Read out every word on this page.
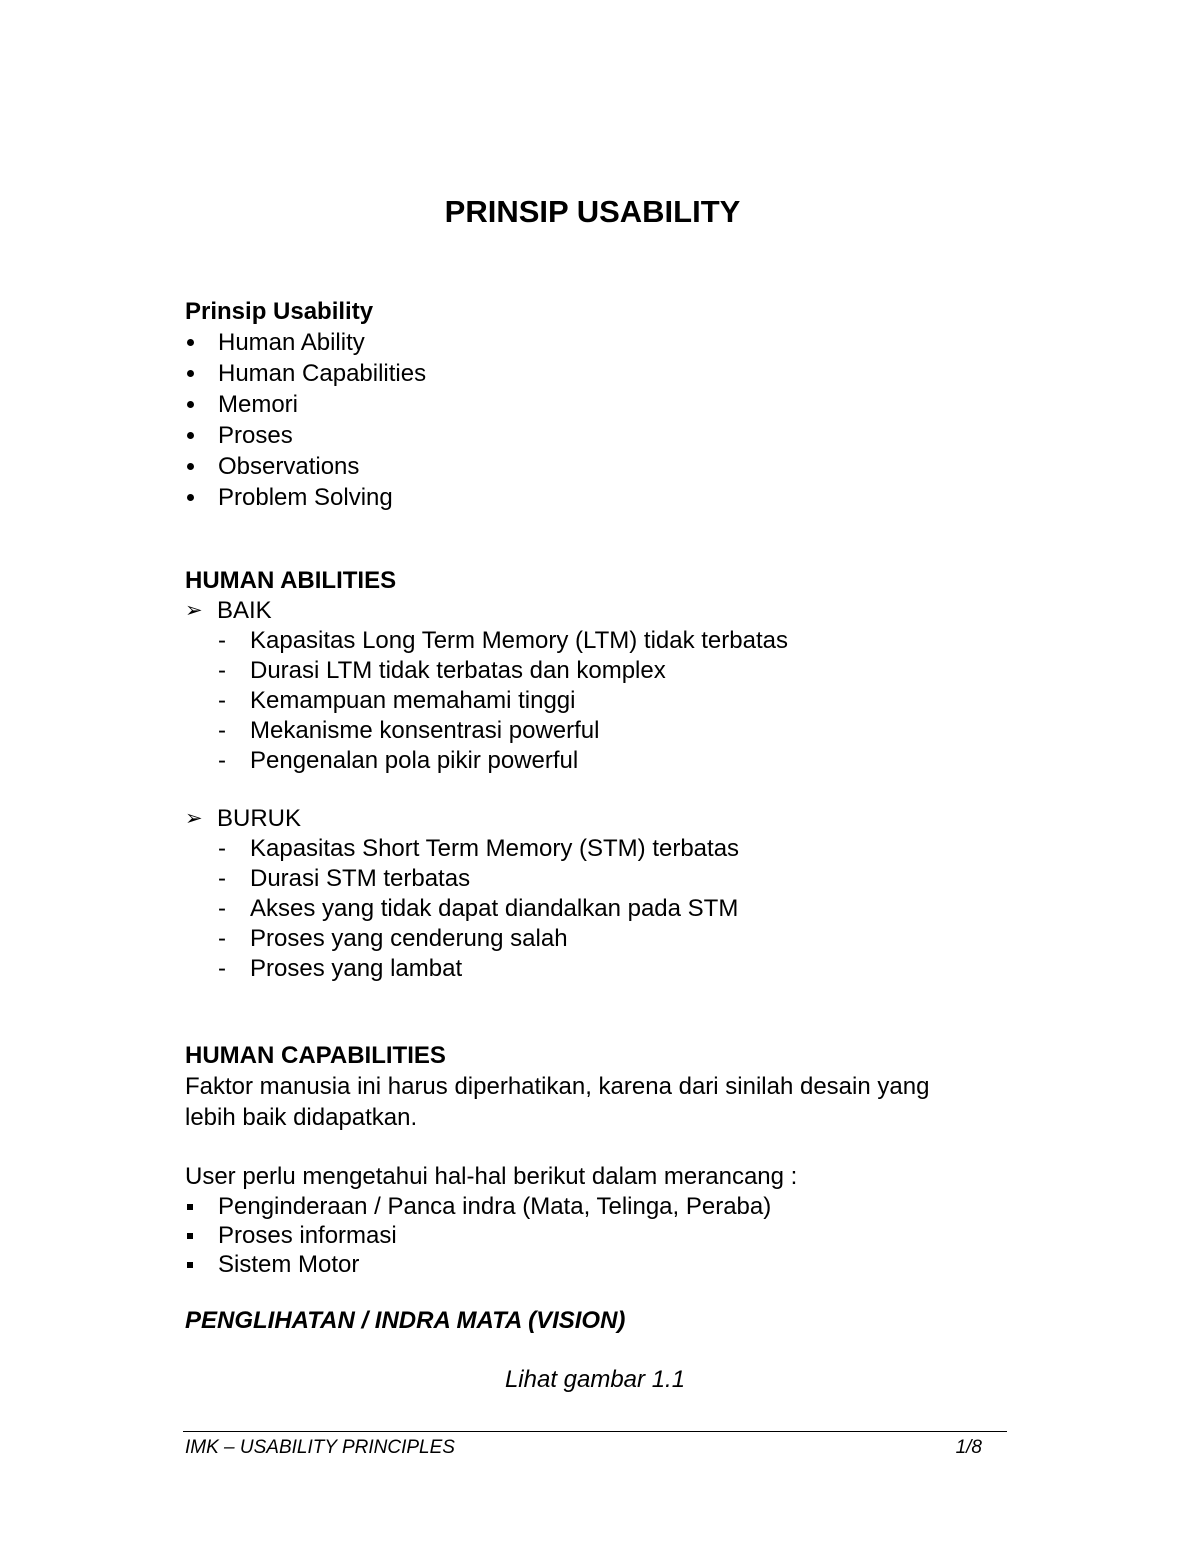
PRINSIP USABILITY
Prinsip Usability
Human Ability
Human Capabilities
Memori
Proses
Observations
Problem Solving
HUMAN ABILITIES
➢ BAIK
- Kapasitas Long Term Memory (LTM) tidak terbatas
- Durasi LTM tidak terbatas dan komplex
- Kemampuan memahami tinggi
- Mekanisme konsentrasi powerful
- Pengenalan pola pikir powerful
➢ BURUK
- Kapasitas Short Term Memory (STM) terbatas
- Durasi STM terbatas
- Akses yang tidak dapat diandalkan pada STM
- Proses yang cenderung salah
- Proses yang lambat
HUMAN CAPABILITIES
Faktor manusia ini harus diperhatikan, karena dari sinilah desain yang
lebih baik didapatkan.
User perlu mengetahui hal-hal berikut dalam merancang :
Penginderaan / Panca indra (Mata, Telinga, Peraba)
Proses informasi
Sistem Motor
PENGLIHATAN / INDRA MATA (VISION)
Lihat gambar 1.1
IMK – USABILITY PRINCIPLES	1/8
